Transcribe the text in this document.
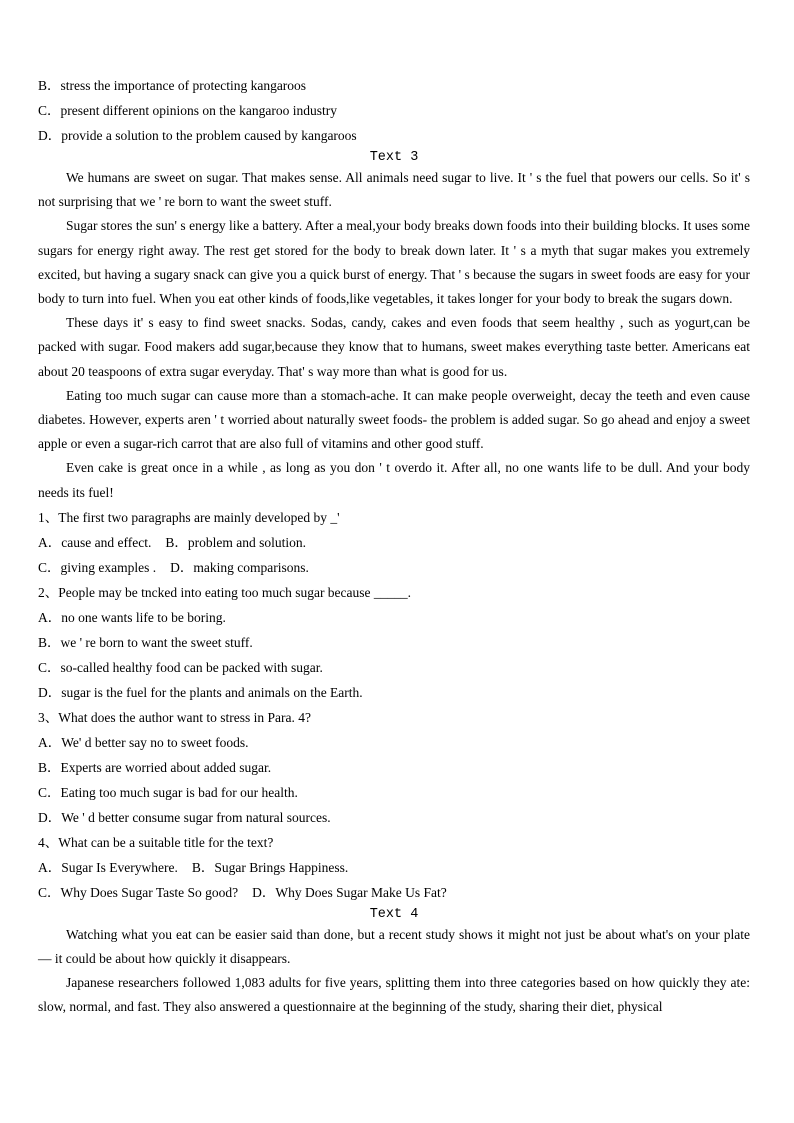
B．stress the importance of protecting kangaroos
C．present different opinions on the kangaroo industry
D．provide a solution to the problem caused by kangaroos
Text 3

We humans are sweet on sugar. That makes sense. All animals need sugar to live. It ' s the fuel that powers our cells. So it' s not surprising that we ' re born to want the sweet stuff.

Sugar stores the sun' s energy like a battery. After a meal,your body breaks down foods into their building blocks. It uses some sugars for energy right away. The rest get stored for the body to break down later. It ' s a myth that sugar makes you extremely excited, but having a sugary snack can give you a quick burst of energy. That ' s because the sugars in sweet foods are easy for your body to turn into fuel. When you eat other kinds of foods,like vegetables, it takes longer for your body to break the sugars down.

These days it' s easy to find sweet snacks. Sodas, candy, cakes and even foods that seem healthy , such as yogurt,can be packed with sugar. Food makers add sugar,because they know that to humans, sweet makes everything taste better. Americans eat about 20 teaspoons of extra sugar everyday. That' s way more than what is good for us.

Eating too much sugar can cause more than a stomach-ache. It can make people overweight, decay the teeth and even cause diabetes. However, experts aren ' t worried about naturally sweet foods- the problem is added sugar. So go ahead and enjoy a sweet apple or even a sugar-rich carrot that are also full of vitamins and other good stuff.

Even cake is great once in a while , as long as you don ' t overdo it. After all, no one wants life to be dull. And your body needs its fuel!

1、The first two paragraphs are mainly developed by _'
A．cause and effect. B．problem and solution.
C．giving examples . D．making comparisons.
2、People may be tncked into eating too much sugar because _____.
A．no one wants life to be boring.
B．we ' re born to want the sweet stuff.
C．so-called healthy food can be packed with sugar.
D．sugar is the fuel for the plants and animals on the Earth.
3、What does the author want to stress in Para. 4?
A．We' d better say no to sweet foods.
B．Experts are worried about added sugar.
C．Eating too much sugar is bad for our health.
D．We ' d better consume sugar from natural sources.
4、What can be a suitable title for the text?
A．Sugar Is Everywhere. B．Sugar Brings Happiness.
C．Why Does Sugar Taste So good? D．Why Does Sugar Make Us Fat?
Text 4

Watching what you eat can be easier said than done, but a recent study shows it might not just be about what's on your plate — it could be about how quickly it disappears.

Japanese researchers followed 1,083 adults for five years, splitting them into three categories based on how quickly they ate: slow, normal, and fast. They also answered a questionnaire at the beginning of the study, sharing their diet, physical
